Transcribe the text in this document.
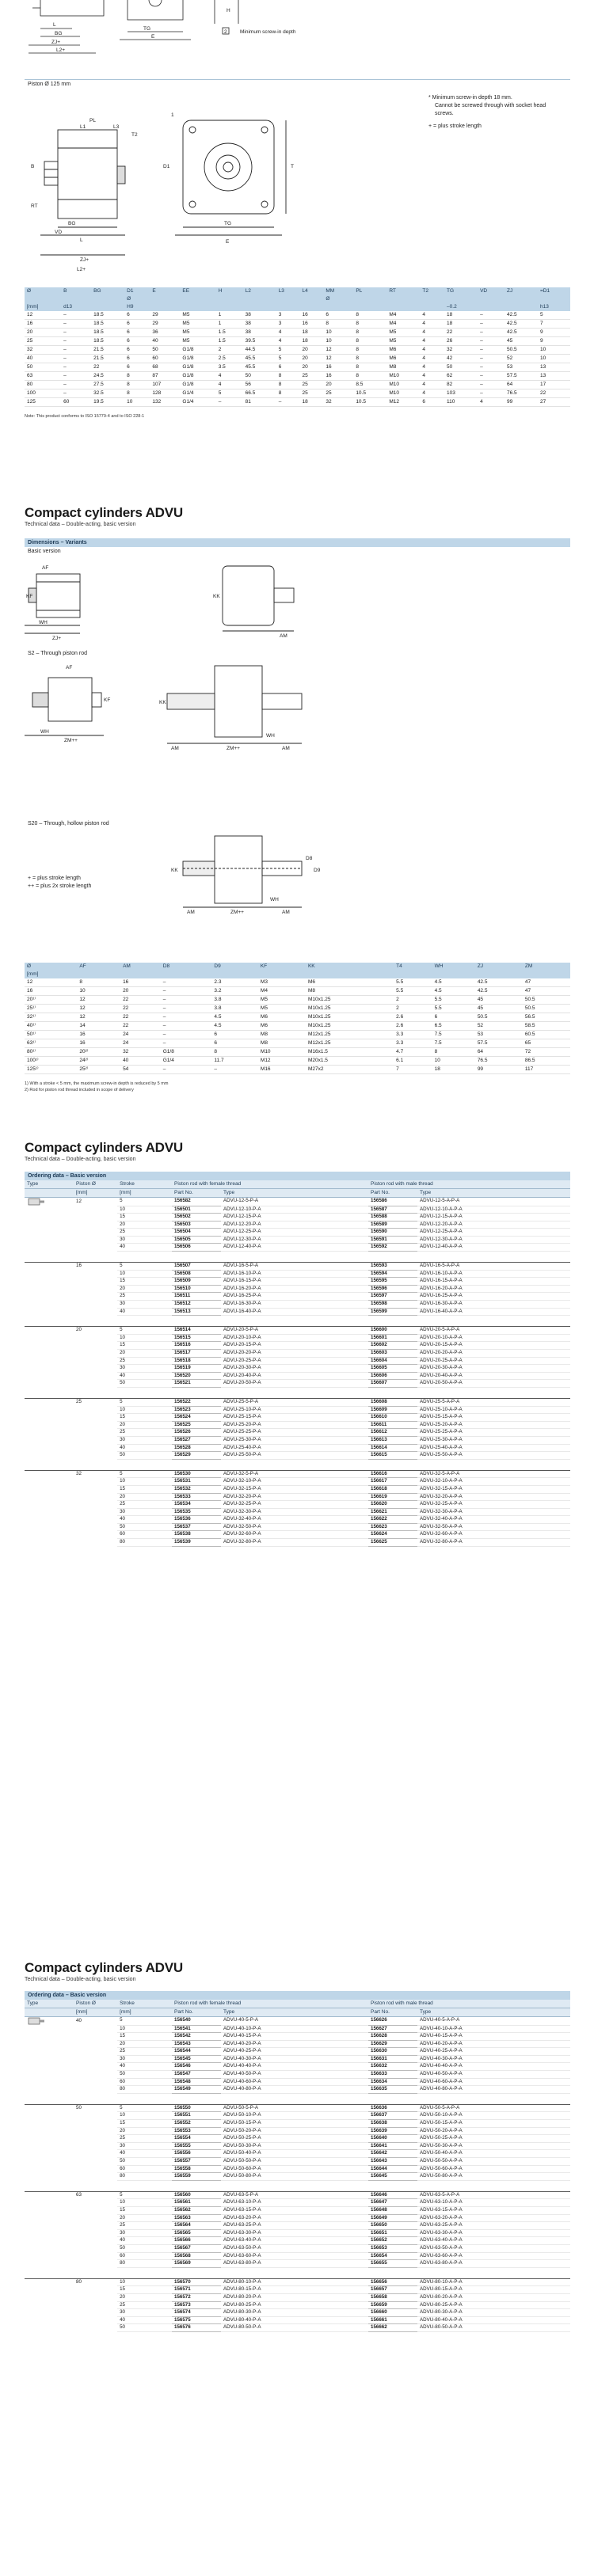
L
BG
ZJ+
TG
H
E
L2+
Minimum screw-in depth
2
Piston Ø 125 mm
PL
L1	L3
T2
ZJ+
L
BG
VD
RT
B	D1
TG
E
T
1
L2+
* Minimum screw-in depth 18 mm.
Cannot be screwed through with socket head screws.
+ = plus stroke length
Ø	B	BG	D1	E	EE	H	L2	L3	L4	MM	PL	RT	T2	TG	VD	ZJ	=D1
			Ø							Ø							
[mm]	d13		H9											–0.2			h13
12	–	18.5	6	29	M5	1	38	3	16	6	8	M4	4	18	–	42.5	5
16	–	18.5	6	29	M5	1	38	3	16	8	8	M4	4	18	–	42.5	7
20	–	18.5	6	36	M5	1.5	38	4	18	10	8	M5	4	22	–	42.5	9
25	–	18.5	6	40	M5	1.5	39.5	4	18	10	8	M5	4	26	–	45	9
32	–	21.5	6	50	G1/8	2	44.5	5	20	12	8	M6	4	32	–	50.5	10
40	–	21.5	6	60	G1/8	2.5	45.5	5	20	12	8	M6	4	42	–	52	10
50	–	22	6	68	G1/8	3.5	45.5	6	20	16	8	M8	4	50	–	53	13
63	–	24.5	8	87	G1/8	4	50	8	25	16	8	M10	4	62	–	57.5	13
80	–	27.5	8	107	G1/8	4	56	8	25	20	8.5	M10	4	82	–	64	17
100	–	32.5	8	128	G1/4	5	66.5	8	25	25	10.5	M10	4	103	–	76.5	22
125	60	19.5	10	132	G1/4	–	81	–	18	32	10.5	M12	6	110	4	99	27
Note: This product conforms to ISO 15779-4 and to ISO 228-1
Compact cylinders ADVU
Technical data – Double-acting, basic version
Dimensions – Variants
Basic version
AF
KF
WH
ZJ+
KK
AM
S2 – Through piston rod
AF
KF
WH
ZM++
KK
AM	AM
WH
ZM++
S20 – Through, hollow piston rod
KK
D8
D9
WH
AM	ZM++	AM
+ = plus stroke length
++ = plus 2x stroke length
Ø	AF	AM	D8	D9	KF	KK	T4	WH	ZJ	ZM
[mm]										
12	8	16	–	2.3	M3	M6	5.5	4.5	42.5	47
16	10	20	–	3.2	M4	M8	5.5	4.5	42.5	47
20¹⁾	12	22	–	3.8	M5	M10x1.25	2	5.5	45	50.5
25¹⁾	12	22	–	3.8	M5	M10x1.25	2	5.5	45	50.5
32¹⁾	12	22	–	4.5	M6	M10x1.25	2.6	6	50.5	56.5
40¹⁾	14	22	–	4.5	M6	M10x1.25	2.6	6.5	52	58.5
50¹⁾	16	24	–	6	M8	M12x1.25	3.3	7.5	53	60.5
63¹⁾	16	24	–	6	M8	M12x1.25	3.3	7.5	57.5	65
80¹⁾	20²⁾	32	G1/8	8	M10	M16x1.5	4.7	8	64	72
100¹⁾	24²⁾	40	G1/4	11.7	M12	M20x1.5	6.1	10	76.5	86.5
125¹⁾	25²⁾	54	–	–	M16	M27x2	7	18	99	117
1) With a stroke < 5 mm, the maximum screw-in depth is reduced by 5 mm
2) Rod for piston rod thread included in scope of delivery
Compact cylinders ADVU
Technical data – Double-acting, basic version
Ordering data – Basic version
Type	Piston Ø	Stroke	Piston rod with female thread		Piston rod with male thread	
	[mm]	[mm]	Part No.	Type	Part No.	Type

	12	5	156582	ADVU-12-5-P-A	156586	ADVU-12-5-A-P-A
		10	156501	ADVU-12-10-P-A	156587	ADVU-12-10-A-P-A
		15	156502	ADVU-12-15-P-A	156588	ADVU-12-15-A-P-A
		20	156503	ADVU-12-20-P-A	156589	ADVU-12-20-A-P-A
		25	156504	ADVU-12-25-P-A	156590	ADVU-12-25-A-P-A
		30	156505	ADVU-12-30-P-A	156591	ADVU-12-30-A-P-A
		40	156506	ADVU-12-40-P-A	156592	ADVU-12-40-A-P-A

	16	5	156507	ADVU-16-5-P-A	156593	ADVU-16-5-A-P-A
		10	156508	ADVU-16-10-P-A	156594	ADVU-16-10-A-P-A
		15	156509	ADVU-16-15-P-A	156595	ADVU-16-15-A-P-A
		20	156510	ADVU-16-20-P-A	156596	ADVU-16-20-A-P-A
		25	156511	ADVU-16-25-P-A	156597	ADVU-16-25-A-P-A
		30	156512	ADVU-16-30-P-A	156598	ADVU-16-30-A-P-A
		40	156513	ADVU-16-40-P-A	156599	ADVU-16-40-A-P-A

	20	5	156514	ADVU-20-5-P-A	156600	ADVU-20-5-A-P-A
		10	156515	ADVU-20-10-P-A	156601	ADVU-20-10-A-P-A
		15	156516	ADVU-20-15-P-A	156602	ADVU-20-15-A-P-A
		20	156517	ADVU-20-20-P-A	156603	ADVU-20-20-A-P-A
		25	156518	ADVU-20-25-P-A	156604	ADVU-20-25-A-P-A
		30	156519	ADVU-20-30-P-A	156605	ADVU-20-30-A-P-A
		40	156520	ADVU-20-40-P-A	156606	ADVU-20-40-A-P-A
		50	156521	ADVU-20-50-P-A	156607	ADVU-20-50-A-P-A

	25	5	156522	ADVU-25-5-P-A	156608	ADVU-25-5-A-P-A
		10	156523	ADVU-25-10-P-A	156609	ADVU-25-10-A-P-A
		15	156524	ADVU-25-15-P-A	156610	ADVU-25-15-A-P-A
		20	156525	ADVU-25-20-P-A	156611	ADVU-25-20-A-P-A
		25	156526	ADVU-25-25-P-A	156612	ADVU-25-25-A-P-A
		30	156527	ADVU-25-30-P-A	156613	ADVU-25-30-A-P-A
		40	156528	ADVU-25-40-P-A	156614	ADVU-25-40-A-P-A
		50	156529	ADVU-25-50-P-A	156615	ADVU-25-50-A-P-A

	32	5	156530	ADVU-32-5-P-A	156616	ADVU-32-5-A-P-A
		10	156531	ADVU-32-10-P-A	156617	ADVU-32-10-A-P-A
		15	156532	ADVU-32-15-P-A	156618	ADVU-32-15-A-P-A
		20	156533	ADVU-32-20-P-A	156619	ADVU-32-20-A-P-A
		25	156534	ADVU-32-25-P-A	156620	ADVU-32-25-A-P-A
		30	156535	ADVU-32-30-P-A	156621	ADVU-32-30-A-P-A
		40	156536	ADVU-32-40-P-A	156622	ADVU-32-40-A-P-A
		50	156537	ADVU-32-50-P-A	156623	ADVU-32-50-A-P-A
		60	156538	ADVU-32-60-P-A	156624	ADVU-32-60-A-P-A
		80	156539	ADVU-32-80-P-A	156625	ADVU-32-80-A-P-A

Compact cylinders ADVU
Technical data – Double-acting, basic version
Ordering data – Basic version
Type	Piston Ø	Stroke	Piston rod with female thread		Piston rod with male thread	
	[mm]	[mm]	Part No.	Type	Part No.	Type

	40	5	156540	ADVU-40-5-P-A	156626	ADVU-40-5-A-P-A
		10	156541	ADVU-40-10-P-A	156627	ADVU-40-10-A-P-A
		15	156542	ADVU-40-15-P-A	156628	ADVU-40-15-A-P-A
		20	156543	ADVU-40-20-P-A	156629	ADVU-40-20-A-P-A
		25	156544	ADVU-40-25-P-A	156630	ADVU-40-25-A-P-A
		30	156545	ADVU-40-30-P-A	156631	ADVU-40-30-A-P-A
		40	156546	ADVU-40-40-P-A	156632	ADVU-40-40-A-P-A
		50	156547	ADVU-40-50-P-A	156633	ADVU-40-50-A-P-A
		60	156548	ADVU-40-60-P-A	156634	ADVU-40-60-A-P-A
		80	156549	ADVU-40-80-P-A	156635	ADVU-40-80-A-P-A

	50	5	156550	ADVU-50-5-P-A	156636	ADVU-50-5-A-P-A
		10	156551	ADVU-50-10-P-A	156637	ADVU-50-10-A-P-A
		15	156552	ADVU-50-15-P-A	156638	ADVU-50-15-A-P-A
		20	156553	ADVU-50-20-P-A	156639	ADVU-50-20-A-P-A
		25	156554	ADVU-50-25-P-A	156640	ADVU-50-25-A-P-A
		30	156555	ADVU-50-30-P-A	156641	ADVU-50-30-A-P-A
		40	156556	ADVU-50-40-P-A	156642	ADVU-50-40-A-P-A
		50	156557	ADVU-50-50-P-A	156643	ADVU-50-50-A-P-A
		60	156558	ADVU-50-60-P-A	156644	ADVU-50-60-A-P-A
		80	156559	ADVU-50-80-P-A	156645	ADVU-50-80-A-P-A

	63	5	156560	ADVU-63-5-P-A	156646	ADVU-63-5-A-P-A
		10	156561	ADVU-63-10-P-A	156647	ADVU-63-10-A-P-A
		15	156562	ADVU-63-15-P-A	156648	ADVU-63-15-A-P-A
		20	156563	ADVU-63-20-P-A	156649	ADVU-63-20-A-P-A
		25	156564	ADVU-63-25-P-A	156650	ADVU-63-25-A-P-A
		30	156565	ADVU-63-30-P-A	156651	ADVU-63-30-A-P-A
		40	156566	ADVU-63-40-P-A	156652	ADVU-63-40-A-P-A
		50	156567	ADVU-63-50-P-A	156653	ADVU-63-50-A-P-A
		60	156568	ADVU-63-60-P-A	156654	ADVU-63-60-A-P-A
		80	156569	ADVU-63-80-P-A	156655	ADVU-63-80-A-P-A

	80	10	156570	ADVU-80-10-P-A	156656	ADVU-80-10-A-P-A
		15	156571	ADVU-80-15-P-A	156657	ADVU-80-15-A-P-A
		20	156572	ADVU-80-20-P-A	156658	ADVU-80-20-A-P-A
		25	156573	ADVU-80-25-P-A	156659	ADVU-80-25-A-P-A
		30	156574	ADVU-80-30-P-A	156660	ADVU-80-30-A-P-A
		40	156575	ADVU-80-40-P-A	156661	ADVU-80-40-A-P-A
		50	156576	ADVU-80-50-P-A	156662	ADVU-80-50-A-P-A
